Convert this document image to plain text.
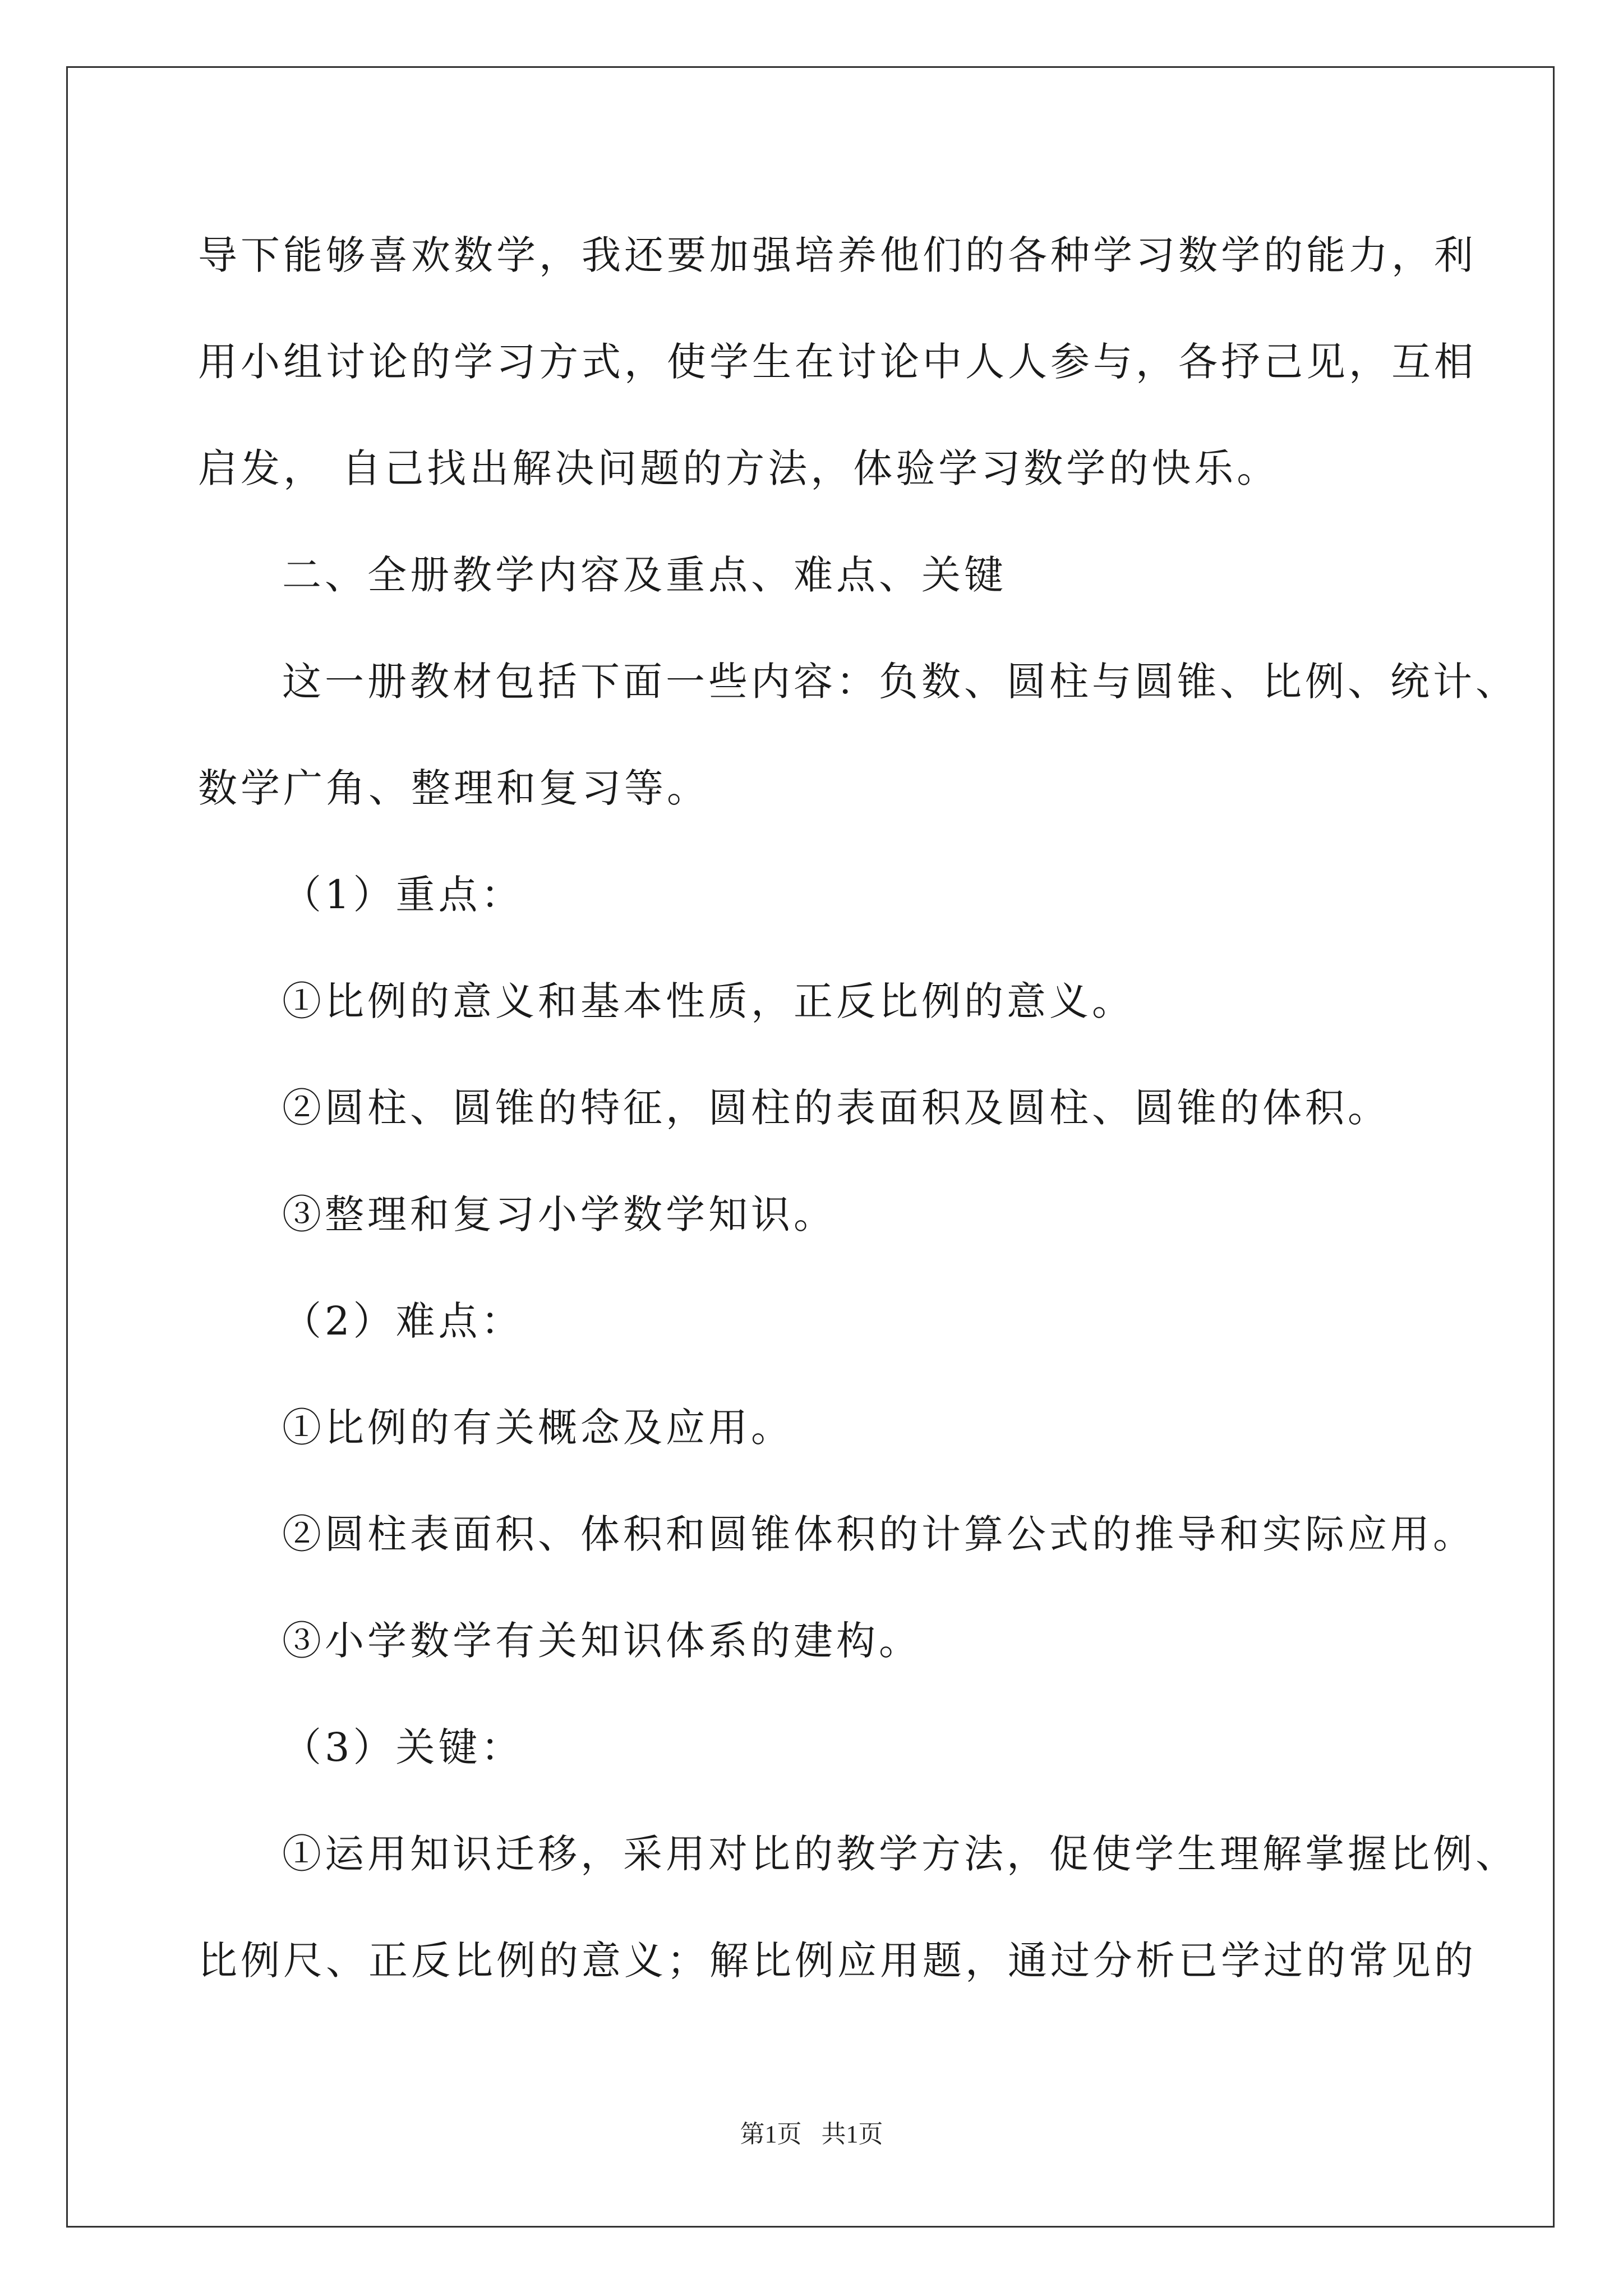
导下能够喜欢数学，我还要加强培养他们的各种学习数学的能力，利
用小组讨论的学习方式，使学生在讨论中人人参与，各抒己见，互相
启发， 自己找出解决问题的方法，体验学习数学的快乐。
二、全册教学内容及重点、难点、关键
这一册教材包括下面一些内容：负数、圆柱与圆锥、比例、统计、
数学广角、整理和复习等。
（1）重点：
①比例的意义和基本性质，正反比例的意义。
②圆柱、圆锥的特征，圆柱的表面积及圆柱、圆锥的体积。
③整理和复习小学数学知识。
（2）难点：
①比例的有关概念及应用。
②圆柱表面积、体积和圆锥体积的计算公式的推导和实际应用。
③小学数学有关知识体系的建构。
（3）关键：
①运用知识迁移，采用对比的教学方法，促使学生理解掌握比例、
比例尺、正反比例的意义；解比例应用题，通过分析已学过的常见的
第1页 共1页
